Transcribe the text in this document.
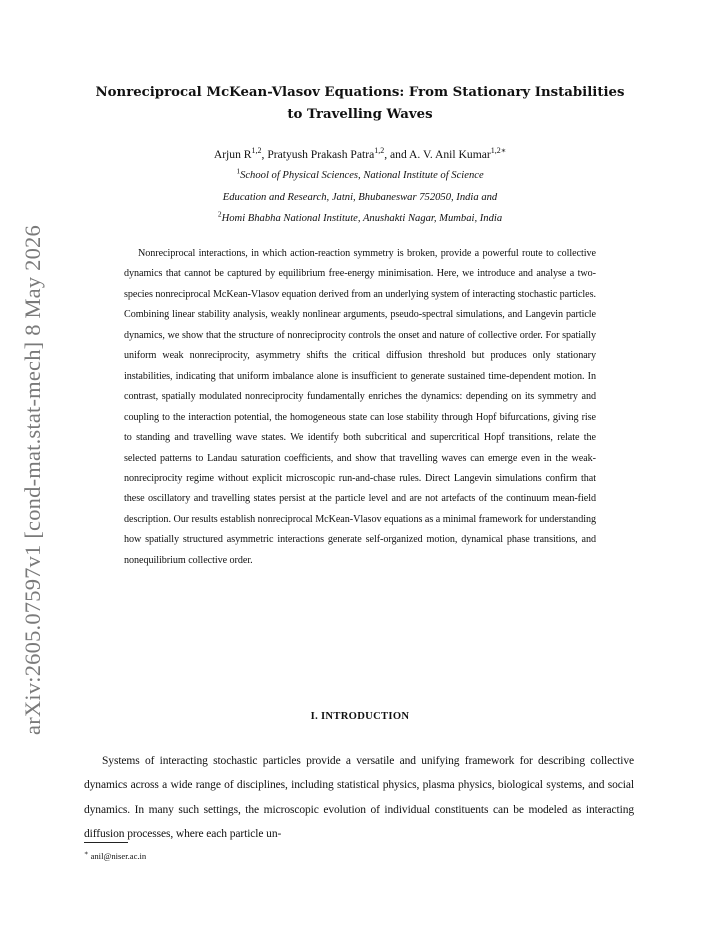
arXiv:2605.07597v1 [cond-mat.stat-mech] 8 May 2026
Nonreciprocal McKean-Vlasov Equations: From Stationary Instabilities to Travelling Waves

Arjun R$^{1,2}$, Pratyush Prakash Patra$^{1,2}$, and A. V. Anil Kumar$^{1,2∗}$

$^1$School of Physical Sciences, National Institute of Science

Education and Research, Jatni, Bhubaneswar 752050, India and

$^2$Homi Bhabha National Institute, Anushakti Nagar, Mumbai, India

Nonreciprocal interactions, in which action-reaction symmetry is broken, provide a powerful route to collective dynamics that cannot be captured by equilibrium free-energy minimisation. Here, we introduce and analyse a two-species nonreciprocal McKean-Vlasov equation derived from an underlying system of interacting stochastic particles. Combining linear stability analysis, weakly nonlinear arguments, pseudo-spectral simulations, and Langevin particle dynamics, we show that the structure of nonreciprocity controls the onset and nature of collective order. For spatially uniform weak nonreciprocity, asymmetry shifts the critical diffusion threshold but produces only stationary instabilities, indicating that uniform imbalance alone is insufficient to generate sustained time-dependent motion. In contrast, spatially modulated nonreciprocity fundamentally enriches the dynamics: depending on its symmetry and coupling to the interaction potential, the homogeneous state can lose stability through Hopf bifurcations, giving rise to standing and travelling wave states. We identify both subcritical and supercritical Hopf transitions, relate the selected patterns to Landau saturation coefficients, and show that travelling waves can emerge even in the weak-nonreciprocity regime without explicit microscopic run-and-chase rules. Direct Langevin simulations confirm that these oscillatory and travelling states persist at the particle level and are not artefacts of the continuum mean-field description. Our results establish nonreciprocal McKean-Vlasov equations as a minimal framework for understanding how spatially structured asymmetric interactions generate self-organized motion, dynamical phase transitions, and nonequilibrium collective order.

I. INTRODUCTION

Systems of interacting stochastic particles provide a versatile and unifying framework for describing collective dynamics across a wide range of disciplines, including statistical physics, plasma physics, biological systems, and social dynamics. In many such settings, the microscopic evolution of individual constituents can be modeled as interacting diffusion processes, where each particle un-

∗ anil@niser.ac.in
